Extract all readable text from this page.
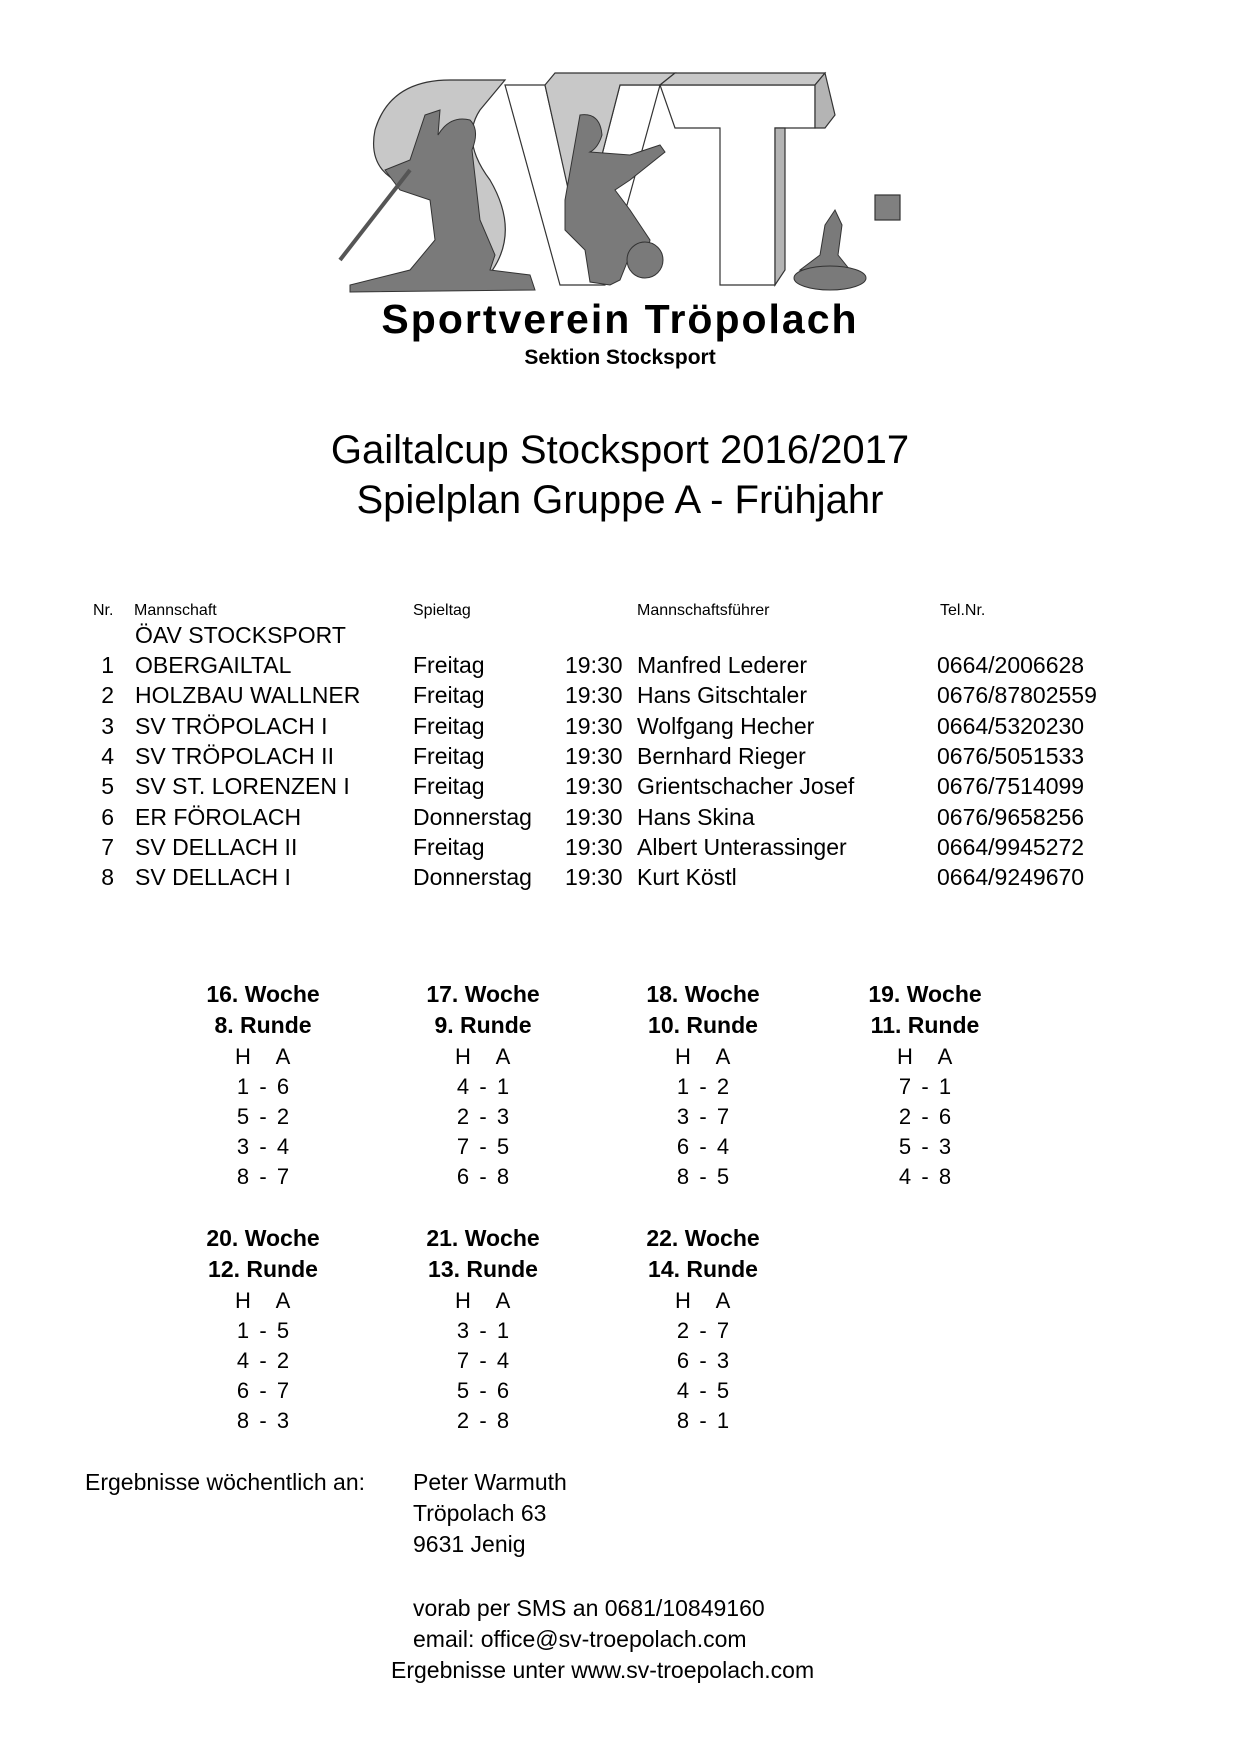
Sportverein Tröpolach
Sektion Stocksport
Gailtalcup Stocksport 2016/2017
Spielplan Gruppe A - Frühjahr
Nr. Mannschaft	Spieltag	Mannschaftsführer	Tel.Nr.
ÖAV STOCKSPORT
1 OBERGAILTAL	Freitag	19:30 Manfred Lederer	0664/2006628
2 HOLZBAU WALLNER Freitag	19:30 Hans Gitschtaler	0676/87802559
3 SV TRÖPOLACH I	Freitag	19:30 Wolfgang Hecher	0664/5320230
4 SV TRÖPOLACH II	Freitag	19:30 Bernhard Rieger	0676/5051533
5 SV ST. LORENZEN I	Freitag	19:30 Grientschacher Josef	0676/7514099
6 ER FÖROLACH	Donnerstag 19:30 Hans Skina	0676/9658256
7 SV DELLACH II	Freitag	19:30 Albert Unterassinger	0664/9945272
8 SV DELLACH I	Donnerstag 19:30 Kurt Köstl	0664/9249670
16. Woche
8. Runde
H A
1 - 6
5 - 2
3 - 4
8 - 7
17. Woche
9. Runde
H A
4 - 1
2 - 3
7 - 5
6 - 8
18. Woche
10. Runde
H A
1 - 2
3 - 7
6 - 4
8 - 5
19. Woche
11. Runde
H A
7 - 1
2 - 6
5 - 3
4 - 8
20. Woche
12. Runde
H A
1 - 5
4 - 2
6 - 7
8 - 3
21. Woche
13. Runde
H A
3 - 1
7 - 4
5 - 6
2 - 8
22. Woche
14. Runde
H A
2 - 7
6 - 3
4 - 5
8 - 1
Ergebnisse wöchentlich an: Peter Warmuth
Tröpolach 63
9631 Jenig
vorab per SMS an 0681/10849160
email: office@sv-troepolach.com
Ergebnisse unter www.sv-troepolach.com
